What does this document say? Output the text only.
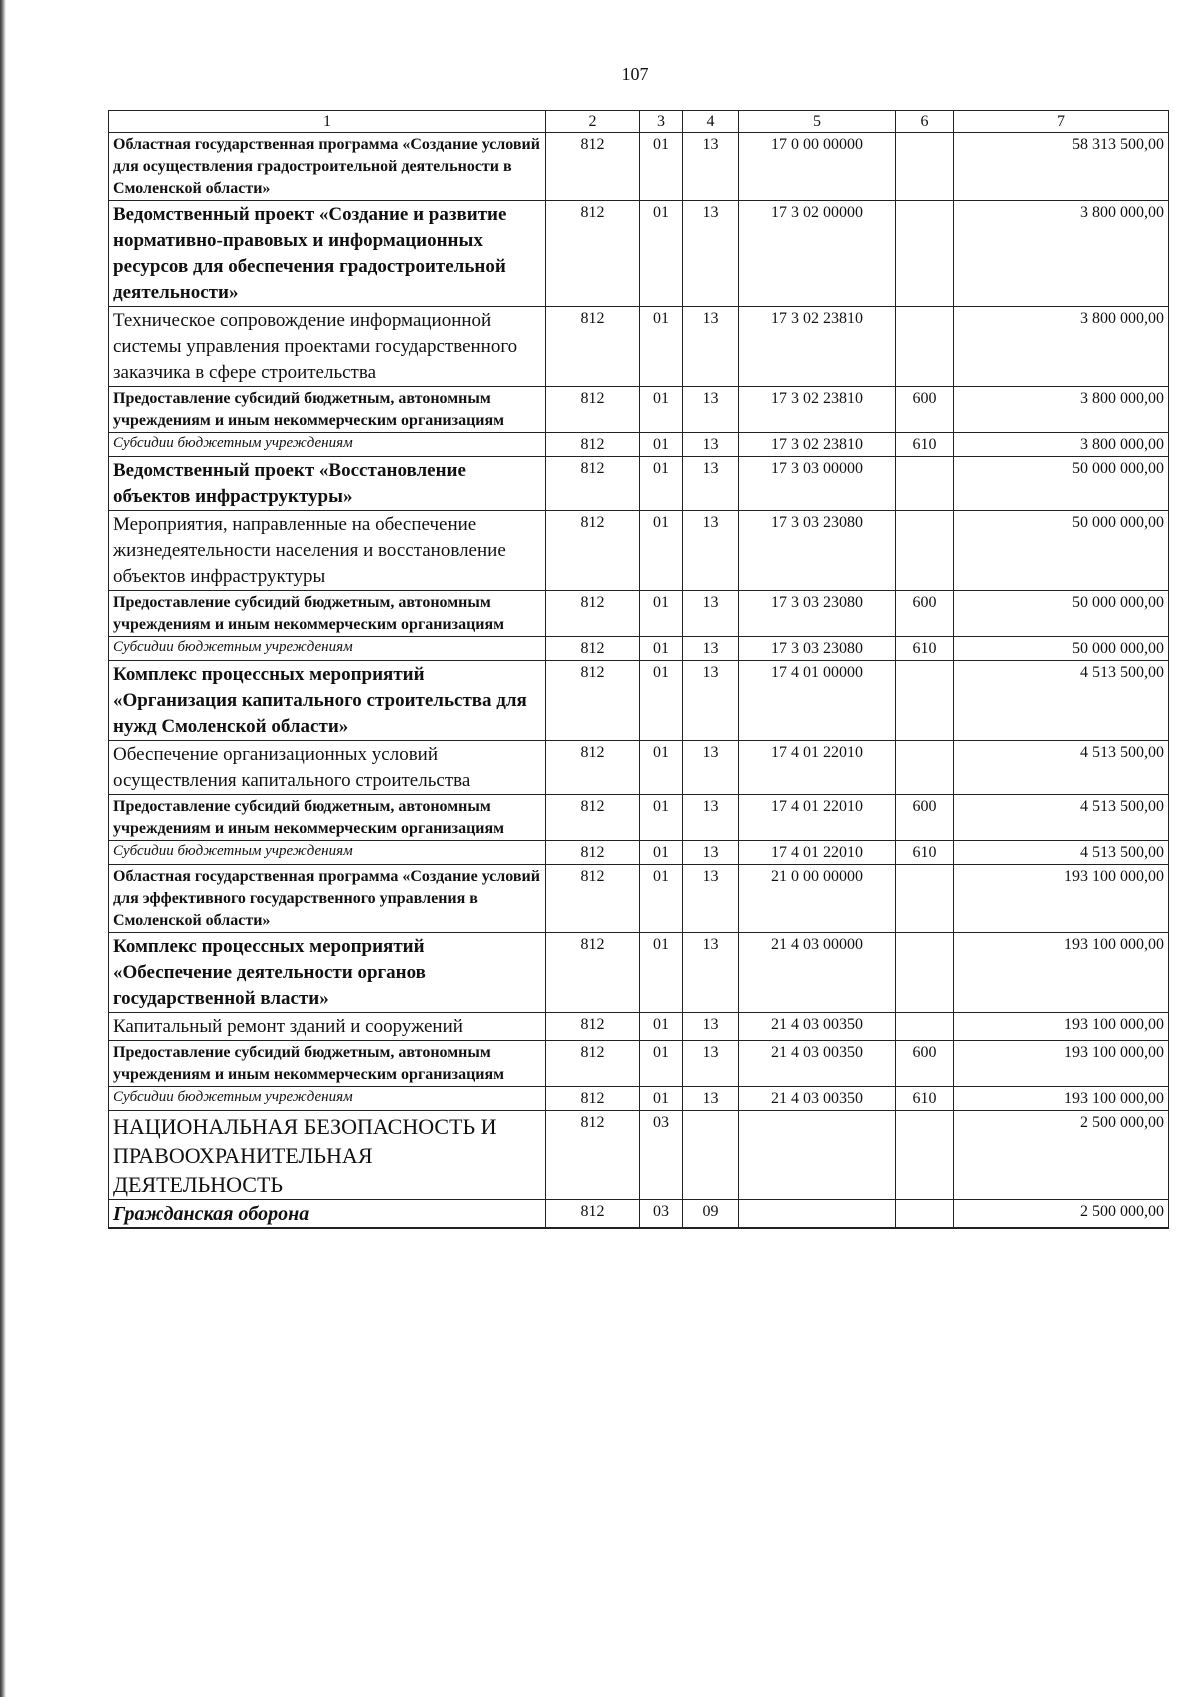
107
1	2	3	4	5	6	7
Областная государственная программа «Создание условий для осуществления градостроительной деятельности в Смоленской области»	812	01	13	17 0 00 00000		58 313 500,00
Ведомственный проект «Создание и развитие нормативно-правовых и информационных ресурсов для обеспечения градостроительной деятельности»	812	01	13	17 3 02 00000		3 800 000,00
Техническое сопровождение информационной системы управления проектами государственного заказчика в сфере строительства	812	01	13	17 3 02 23810		3 800 000,00
Предоставление субсидий бюджетным, автономным учреждениям и иным некоммерческим организациям	812	01	13	17 3 02 23810	600	3 800 000,00
Субсидии бюджетным учреждениям	812	01	13	17 3 02 23810	610	3 800 000,00
Ведомственный проект «Восстановление объектов инфраструктуры»	812	01	13	17 3 03 00000		50 000 000,00
Мероприятия, направленные на обеспечение жизнедеятельности населения и восстановление объектов инфраструктуры	812	01	13	17 3 03 23080		50 000 000,00
Предоставление субсидий бюджетным, автономным учреждениям и иным некоммерческим организациям	812	01	13	17 3 03 23080	600	50 000 000,00
Субсидии бюджетным учреждениям	812	01	13	17 3 03 23080	610	50 000 000,00
Комплекс процессных мероприятий «Организация капитального строительства для нужд Смоленской области»	812	01	13	17 4 01 00000		4 513 500,00
Обеспечение организационных условий осуществления капитального строительства	812	01	13	17 4 01 22010		4 513 500,00
Предоставление субсидий бюджетным, автономным учреждениям и иным некоммерческим организациям	812	01	13	17 4 01 22010	600	4 513 500,00
Субсидии бюджетным учреждениям	812	01	13	17 4 01 22010	610	4 513 500,00
Областная государственная программа «Создание условий для эффективного государственного управления в Смоленской области»	812	01	13	21 0 00 00000		193 100 000,00
Комплекс процессных мероприятий «Обеспечение деятельности органов государственной власти»	812	01	13	21 4 03 00000		193 100 000,00
Капитальный ремонт зданий и сооружений	812	01	13	21 4 03 00350		193 100 000,00
Предоставление субсидий бюджетным, автономным учреждениям и иным некоммерческим организациям	812	01	13	21 4 03 00350	600	193 100 000,00
Субсидии бюджетным учреждениям	812	01	13	21 4 03 00350	610	193 100 000,00
НАЦИОНАЛЬНАЯ БЕЗОПАСНОСТЬ И ПРАВООХРАНИТЕЛЬНАЯ ДЕЯТЕЛЬНОСТЬ	812	03				2 500 000,00
Гражданская оборона	812	03	09			2 500 000,00
